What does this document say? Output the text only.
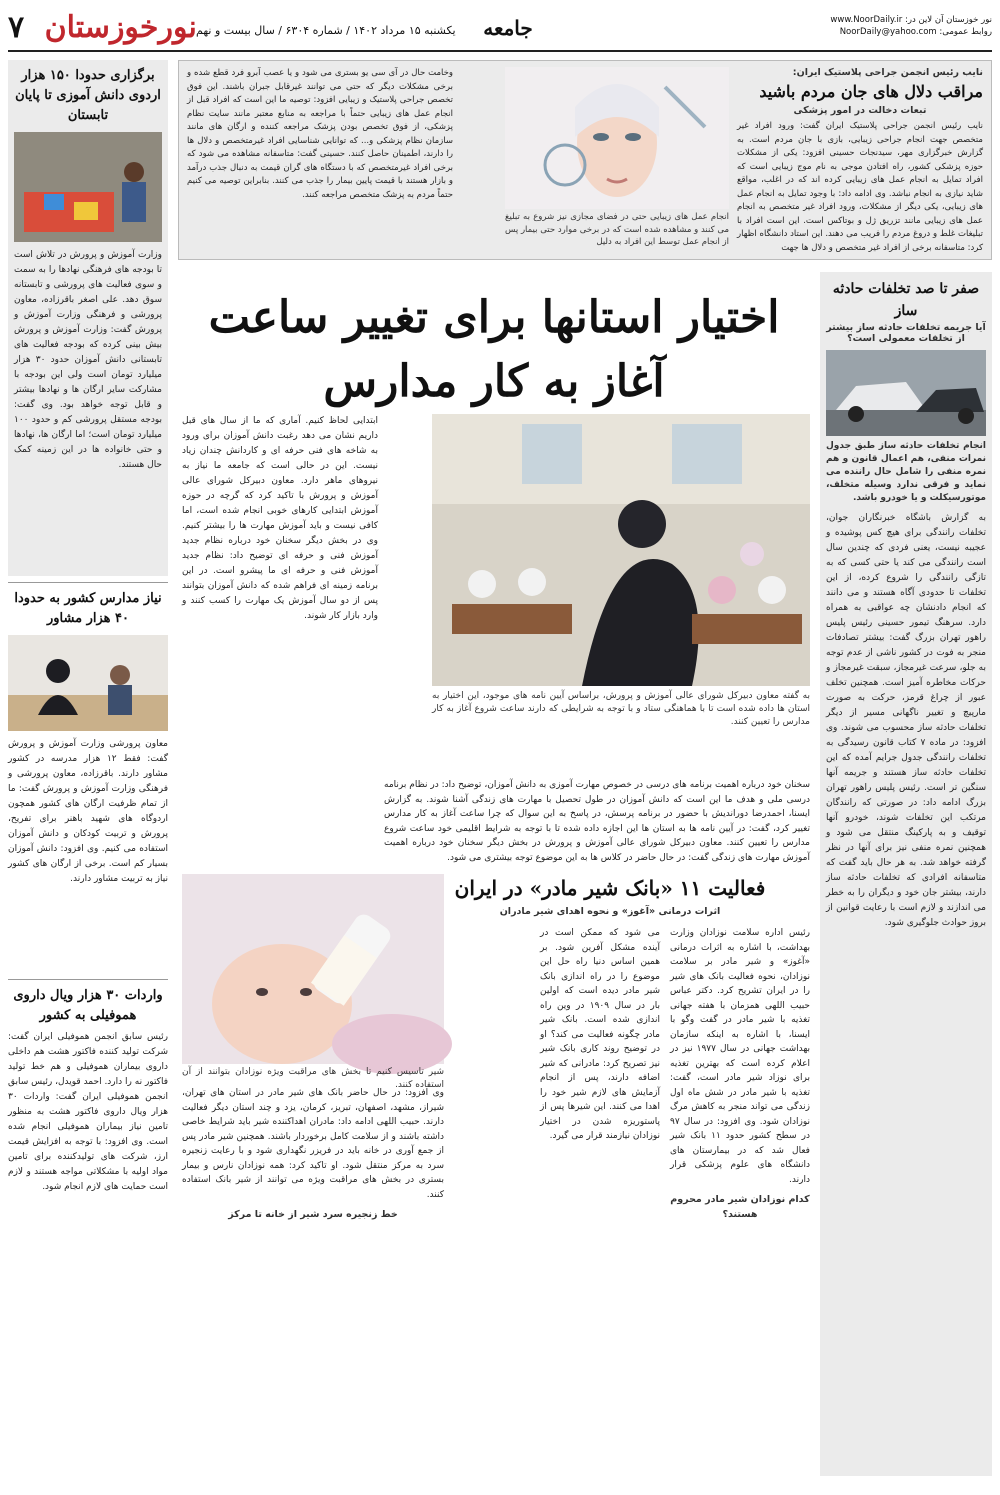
نورخوزستان ۷	یکشنبه ۱۵ مرداد ۱۴۰۲ / شماره ۶۳۰۴ / سال بیست و نهم	جامعه	نور خوزستان آن لاین در: www.NoorDaily.ir
روابط عمومی: NoorDaily@yahoo.com
نایب رئیس انجمن جراحی پلاستیک ایران:
مراقب دلال های جان مردم باشید
تبعات دخالت در امور پزشکی
نایب رئیس انجمن جراحی پلاستیک ایران گفت: ورود افراد غیر متخصص جهت انجام جراحی زیبایی، بازی با جان مردم است. به گزارش خبرگزاری مهر، سیدنجات حسینی افزود: یکی از مشکلات حوزه پزشکی کشور، راه افتادن موجی به نام موج زیبایی است که افراد تمایل به انجام عمل های زیبایی کرده اند که در اغلب، مواقع شاید نیازی به انجام نباشد. وی ادامه داد: با وجود تمایل به انجام عمل های زیبایی، یکی دیگر از مشکلات، ورود افراد غیر متخصص به انجام عمل های زیبایی مانند تزریق ژل و بوتاکس است. این است افراد با تبلیغات غلط و دروغ مردم را فریب می دهند. این استاد دانشگاه اظهار کرد: متاسفانه برخی از افراد غیر متخصص و دلال ها جهت
انجام عمل های زیبایی حتی در فضای مجازی نیز شروع به تبلیغ می کنند و مشاهده شده است که در برخی موارد حتی بیمار پس از انجام عمل توسط این افراد به دلیل
وخامت حال در آی سی یو بستری می شود و یا عصب آبرو فرد قطع شده و برخی مشکلات دیگر که حتی می توانند غیرقابل جبران باشند. این فوق تخصص جراحی پلاستیک و زیبایی افزود: توصیه ما این است که افراد قبل از انجام عمل های زیبایی حتماً با مراجعه به منابع معتبر مانند سایت نظام پزشکی، از فوق تخصص بودن پزشک مراجعه کننده و ارگان های مانند سازمان نظام پزشکی و... که توانایی شناسایی افراد غیرمتخصص و دلال ها را دارند، اطمینان حاصل کنند. حسینی گفت: متاسفانه مشاهده می شود که برخی افراد غیرمتخصص که با دستگاه های گران قیمت به دنبال جذب درآمد و بازار هستند با قیمت پایین بیمار را جذب می کنند. بنابراین توصیه می کنیم حتماً مردم به پزشک متخصص مراجعه کنند.
اختیار استانها برای تغییر ساعت آغاز به کار مدارس
به گفته معاون دبیرکل شورای عالی آموزش و پرورش، براساس آیین نامه های موجود، این اختیار به استان ها داده شده است تا با هماهنگی ستاد و با توجه به شرایطی که دارند ساعت شروع آغاز به کار مدارس را تعیین کنند.
ابتدایی لحاظ کنیم. آماری که ما از سال های قبل داریم نشان می دهد رغبت دانش آموزان برای ورود به شاخه های فنی حرفه ای و کاردانش چندان زیاد نیست. این در حالی است که جامعه ما نیاز به نیروهای ماهر دارد. معاون دبیرکل شورای عالی آموزش و پرورش با تاکید کرد که گرچه در حوزه آموزش ابتدایی کارهای خوبی انجام شده است، اما کافی نیست و باید آموزش مهارت ها را بیشتر کنیم. وی در بخش دیگر سخنان خود درباره نظام جدید آموزش فنی و حرفه ای توضیح داد: نظام جدید آموزش فنی و حرفه ای ما پیشرو است. در این برنامه زمینه ای فراهم شده که دانش آموزان بتوانند پس از دو سال آموزش یک مهارت را کسب کنند و وارد بازار کار شوند.
سخنان خود درباره اهمیت برنامه های درسی در خصوص مهارت آموزی به دانش آموزان، توضیح داد: در نظام برنامه درسی ملی و هدف ما این است که دانش آموزان در طول تحصیل با مهارت های زندگی آشنا شوند. به گزارش ایسنا، احمدرضا دوراندیش با حضور در برنامه پرسش، در پاسخ به این سوال که چرا ساعت آغاز به کار مدارس تغییر کرد، گفت: در آیین نامه ها به استان ها این اجازه داده شده تا با توجه به شرایط اقلیمی خود ساعت شروع مدارس را تعیین کنند. معاون دبیرکل شورای عالی آموزش و پرورش در بخش دیگر سخنان خود درباره اهمیت آموزش مهارت های زندگی گفت: در حال حاضر در کلاس ها به این موضوع توجه بیشتری می شود.
شیر تاسیس کنیم تا بخش های مراقبت ویژه نوزادان بتوانند از آن استفاده کنند.
فعالیت ۱۱ «بانک شیر مادر» در ایران
اثرات درمانی «آغوز» و نحوه اهدای شیر مادران
رئیس اداره سلامت نوزادان وزارت بهداشت، با اشاره به اثرات درمانی «آغوز» و شیر مادر بر سلامت نوزادان، نحوه فعالیت بانک های شیر را در ایران تشریح کرد. دکتر عباس حبیب اللهی همزمان با هفته جهانی تغذیه با شیر مادر در گفت وگو با ایسنا، با اشاره به اینکه سازمان بهداشت جهانی در سال ۱۹۷۷ نیز در اعلام کرده است که بهترین تغذیه برای نوزاد شیر مادر است، گفت: تغذیه با شیر مادر در شش ماه اول زندگی می تواند منجر به کاهش مرگ نوزادان شود. وی افزود: در سال ۹۷ در سطح کشور حدود ۱۱ بانک شیر فعال شد که در بیمارستان های دانشگاه های علوم پزشکی قرار دارند.
کدام نوزادان شیر مادر محروم هستند؟
می شود که ممکن است در آینده مشکل آفرین شود. بر همین اساس دنیا راه حل این موضوع را در راه اندازی بانک شیر مادر دیده است که اولین بار در سال ۱۹۰۹ در وین راه اندازی شده است. بانک شیر مادر چگونه فعالیت می کند؟ او در توضیح روند کاری بانک شیر نیز تصریح کرد: مادرانی که شیر اضافه دارند، پس از انجام آزمایش های لازم شیر خود را اهدا می کنند. این شیرها پس از پاستوریزه شدن در اختیار نوزادان نیازمند قرار می گیرد.
وی افزود: در حال حاضر بانک های شیر مادر در استان های تهران، شیراز، مشهد، اصفهان، تبریز، کرمان، یزد و چند استان دیگر فعالیت دارند. حبیب اللهی ادامه داد: مادران اهداکننده شیر باید شرایط خاصی داشته باشند و از سلامت کامل برخوردار باشند. همچنین شیر مادر پس از جمع آوری در خانه باید در فریزر نگهداری شود و با رعایت زنجیره سرد به مرکز منتقل شود. او تاکید کرد: همه نوزادان نارس و بیمار بستری در بخش های مراقبت ویژه می توانند از شیر بانک استفاده کنند.
خط زنجیره سرد شیر از خانه تا مرکز
صفر تا صد تخلفات حادثه ساز
آیا جریمه تخلفات حادثه ساز بیشتر از تخلفات معمولی است؟
انجام تخلفات حادثه ساز طبق جدول نمرات منفی، هم اعمال قانون و هم نمره منفی را شامل حال راننده می نماید و فرقی ندارد وسیله متخلف، موتورسیکلت و یا خودرو باشد.
به گزارش باشگاه خبرنگاران جوان، تخلفات رانندگی برای هیچ کس پوشیده و عجیبه نیست، یعنی فردی که چندین سال است رانندگی می کند یا حتی کسی که به تازگی رانندگی را شروع کرده، از این تخلفات تا حدودی آگاه هستند و می دانند که انجام دادنشان چه عواقبی به همراه دارد. سرهنگ تیمور حسینی رئیس پلیس راهور تهران بزرگ گفت: بیشتر تصادفات منجر به فوت در کشور ناشی از عدم توجه به جلو، سرعت غیرمجاز، سبقت غیرمجاز و حرکات مخاطره آمیز است. همچنین تخلف عبور از چراغ قرمز، حرکت به صورت مارپیچ و تغییر ناگهانی مسیر از دیگر تخلفات حادثه ساز محسوب می شوند. وی افزود: در ماده ۷ کتاب قانون رسیدگی به تخلفات رانندگی جدول جرایم آمده که این تخلفات حادثه ساز هستند و جریمه آنها سنگین تر است. رئیس پلیس راهور تهران بزرگ ادامه داد: در صورتی که رانندگان مرتکب این تخلفات شوند، خودرو آنها توقیف و به پارکینگ منتقل می شود و همچنین نمره منفی نیز برای آنها در نظر گرفته خواهد شد. به هر حال باید گفت که متاسفانه افرادی که تخلفات حادثه ساز دارند، بیشتر جان خود و دیگران را به خطر می اندازند و لازم است با رعایت قوانین از بروز حوادث جلوگیری شود.
برگزاری حدودا ۱۵۰ هزار اردوی دانش آموزی تا پایان تابستان
وزارت آموزش و پرورش در تلاش است تا بودجه های فرهنگی نهادها را به سمت و سوی فعالیت های پرورشی و تابستانه سوق دهد. علی اصغر باقرزاده، معاون پرورشی و فرهنگی وزارت آموزش و پرورش گفت: وزارت آموزش و پرورش بیش بینی کرده که بودجه فعالیت های تابستانی دانش آموزان حدود ۳۰ هزار میلیارد تومان است ولی این بودجه با مشارکت سایر ارگان ها و نهادها بیشتر و قابل توجه خواهد بود. وی گفت: بودجه مستقل پرورشی کم و حدود ۱۰۰ میلیارد تومان است؛ اما ارگان ها، نهادها و حتی خانواده ها در این زمینه کمک حال هستند.
نیاز مدارس کشور به حدودا ۴۰ هزار مشاور
معاون پرورشی وزارت آموزش و پرورش گفت: فقط ۱۲ هزار مدرسه در کشور مشاور دارند. باقرزاده، معاون پرورشی و فرهنگی وزارت آموزش و پرورش گفت: ما از تمام ظرفیت ارگان های کشور همچون اردوگاه های شهید باهنر برای تفریح، پرورش و تربیت کودکان و دانش آموزان استفاده می کنیم. وی افزود: دانش آموزان بسیار کم است. برخی از ارگان های کشور نیاز به تربیت مشاور دارند.
واردات ۳۰ هزار ویال داروی هموفیلی به کشور
رئیس سابق انجمن هموفیلی ایران گفت: شرکت تولید کننده فاکتور هشت هم داخلی داروی بیماران هموفیلی و هم خط تولید فاکتور نه را دارد. احمد قویدل، رئیس سابق انجمن هموفیلی ایران گفت: واردات ۳۰ هزار ویال داروی فاکتور هشت به منظور تامین نیاز بیماران هموفیلی انجام شده است. وی افزود: با توجه به افزایش قیمت ارز، شرکت های تولیدکننده برای تامین مواد اولیه با مشکلاتی مواجه هستند و لازم است حمایت های لازم انجام شود.
